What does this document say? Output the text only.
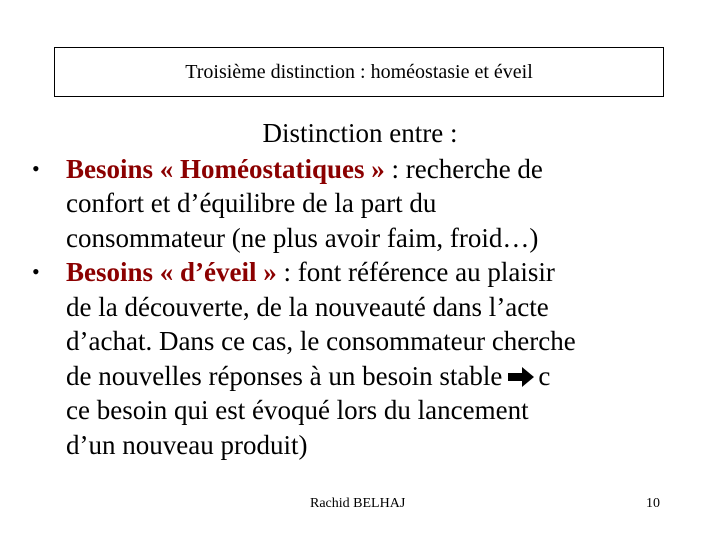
Troisième distinction : homéostasie et éveil
Distinction entre :
• Besoins « Homéostatiques » : recherche de
confort et d’équilibre de la part du
consommateur (ne plus avoir faim, froid…)
• Besoins « d’éveil » : font référence au plaisir
de la découverte, de la nouveauté dans l’acte
d’achat. Dans ce cas, le consommateur cherche
de nouvelles réponses à un besoin stable c
ce besoin qui est évoqué lors du lancement
d’un nouveau produit)
Rachid BELHAJ	10
